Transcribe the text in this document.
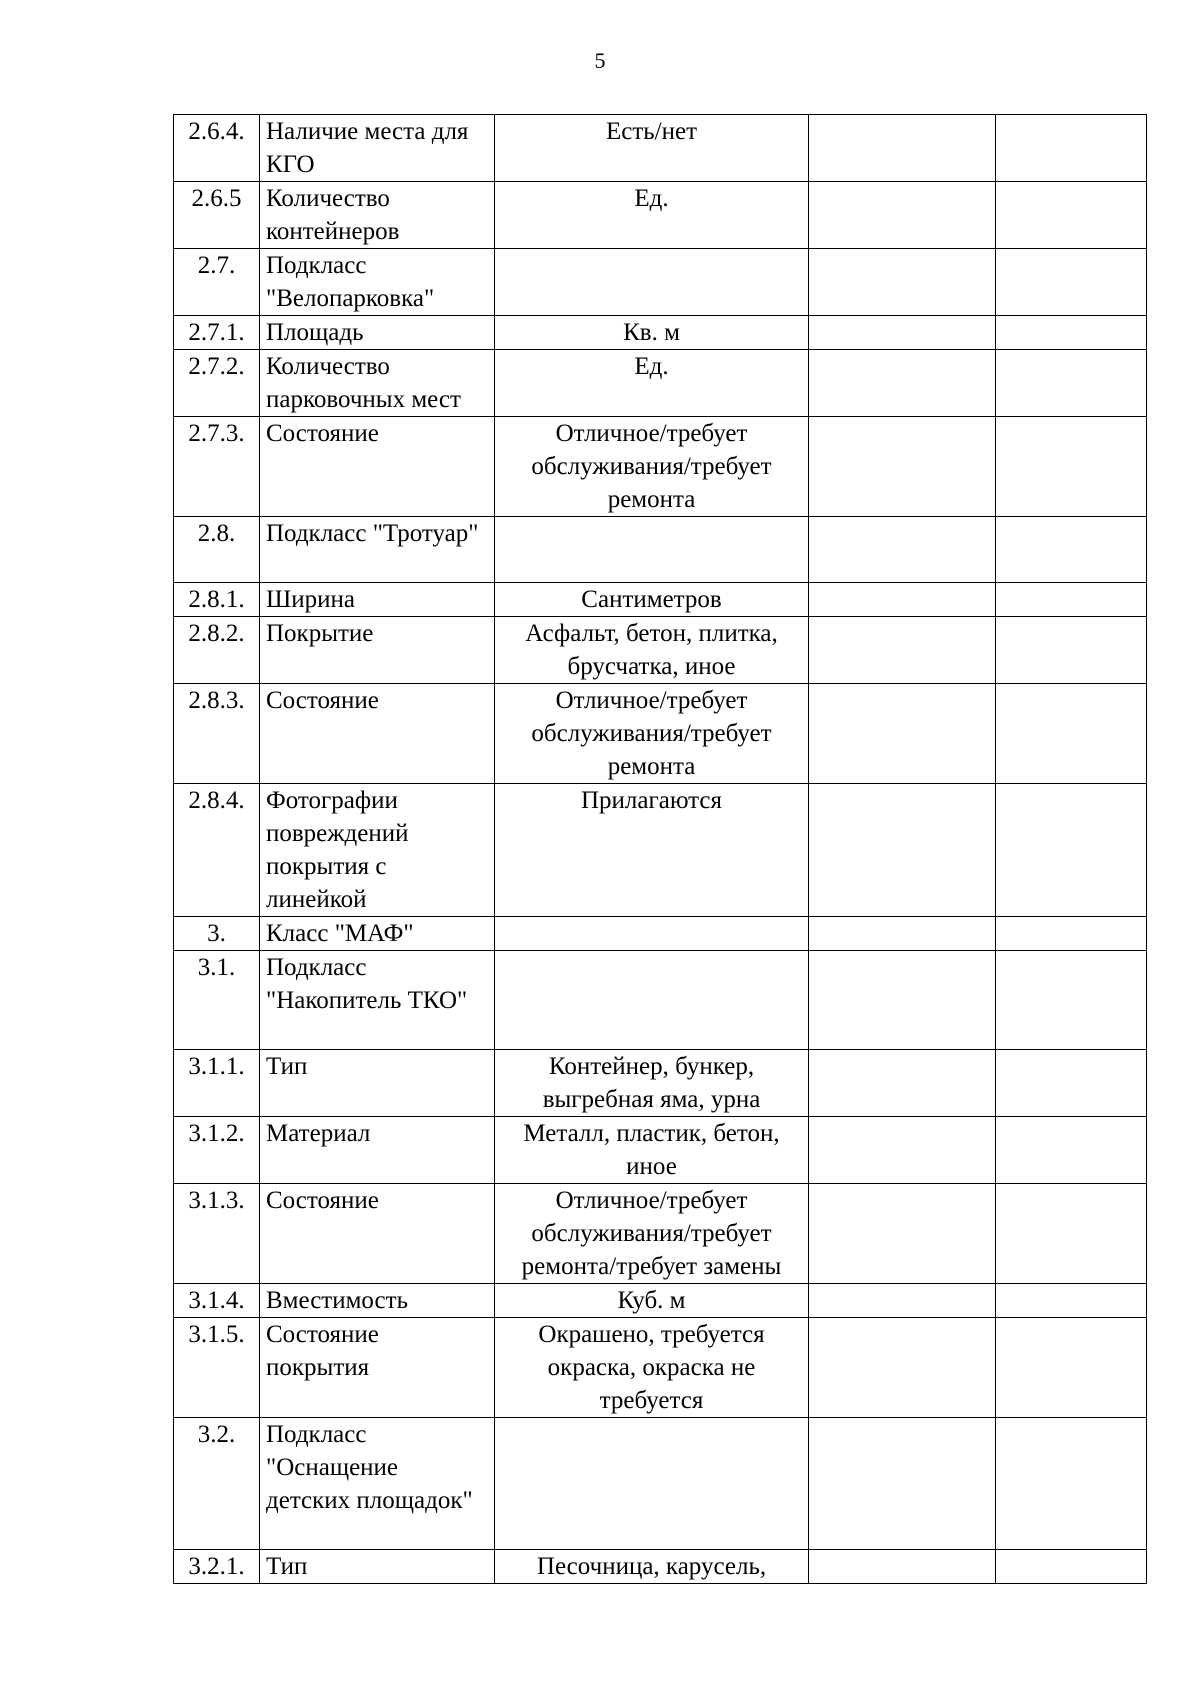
5
2.6.4.	Наличие места для КГО	Есть/нет		
2.6.5	Количество контейнеров	Ед.		
2.7.	Подкласс "Велопарковка"			
2.7.1.	Площадь	Кв. м		
2.7.2.	Количество парковочных мест	Ед.		
2.7.3.	Состояние	Отличное/требует обслуживания/требует ремонта		
2.8.	Подкласс "Тротуар"			
2.8.1.	Ширина	Сантиметров		
2.8.2.	Покрытие	Асфальт, бетон, плитка, брусчатка, иное		
2.8.3.	Состояние	Отличное/требует обслуживания/требует ремонта		
2.8.4.	Фотографии повреждений покрытия с линейкой	Прилагаются		
3.	Класс "МАФ"			
3.1.	Подкласс "Накопитель ТКО"			
3.1.1.	Тип	Контейнер, бункер, выгребная яма, урна		
3.1.2.	Материал	Металл, пластик, бетон, иное		
3.1.3.	Состояние	Отличное/требует обслуживания/требует ремонта/требует замены		
3.1.4.	Вместимость	Куб. м		
3.1.5.	Состояние покрытия	Окрашено, требуется окраска, окраска не требуется		
3.2.	Подкласс "Оснащение детских площадок"			
3.2.1.	Тип	Песочница, карусель,		
